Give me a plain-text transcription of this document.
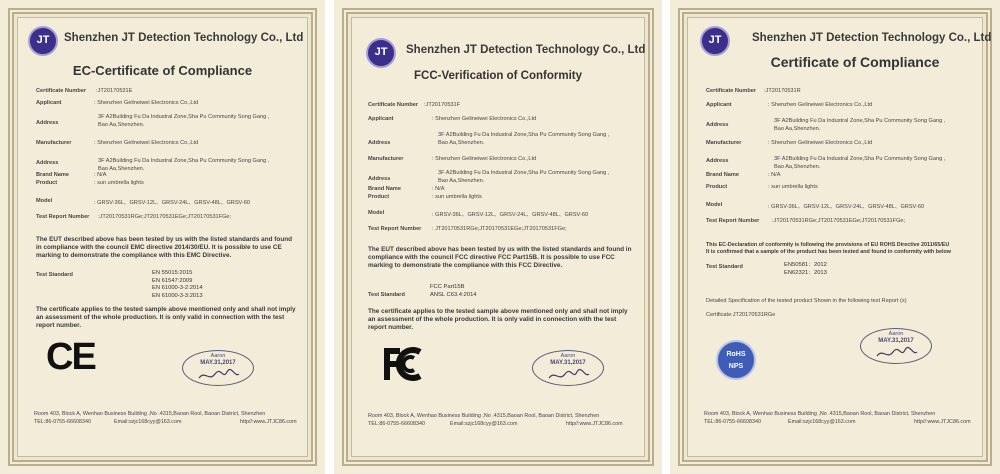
JT	Shenzhen JT Detection Technology Co., Ltd
EC-Certificate of Compliance
Certificate Number :JT20170531E
Applicant	: Shenzhen Gelineiwei Electronics Co.,Ltd
Address
3F A2Building Fu Da Industral Zone,Sha Pu Community Song Gang ,
Bao Aa,Shenzhen.
Manufacturer	: Shenzhen Gelineiwei Electronics Co.,Ltd
Address	3F A2Building Fu Da Industral Zone,Sha Pu Community Song Gang ,
Bao Aa,Shenzhen.
Brand Name	: N/A
Product	: sun umbrella lights
Model	: GRSV-36L、GRSV-12L、GRSV-24L、GRSV-48L、GRSV-60
Test Report Number :JT20170531RGe;JT20170531EGe;JT20170531FGe;
The EUT described above has been tested by us with the listed standards and found
in compliance with the council EMC directive 2014/30/EU. It is possible to use CE
marking to demonstrate the compliance with this EMC Directive.
Test Standard	EN 55015:2015
EN 61547:2009
EN 61000-3-2:2014
EN 61000-3-3:2013
The certificate applies to the tested sample above mentioned only and shall not imply
an assessment of the whole production. It is only valid in connection with the test
report number.
CE	Aaron
MAY.31,2017
Room 403, Block A, Wenhao Business Building ,No .4315,Baoan Rool, Baoan District, Shenzhen
TEL:86-0755-66608340	Email:szjc168cyy@163.com	http//:www.JTJC86.com
JT	Shenzhen JT Detection Technology Co., Ltd
FCC-Verification of Conformity
Certificate Number :JT20170531F
Applicant	: Shenzhen Gelineiwei Electronics Co.,Ltd
Address
3F A2Building Fu Da Industral Zone,Sha Pu Community Song Gang ,
Bao Aa,Shenzhen.
Manufacturer	: Shenzhen Gelineiwei Electronics Co.,Ltd
Address
3F A2Building Fu Da Industral Zone,Sha Pu Community Song Gang ,
Bao Aa,Shenzhen.
Brand Name	: N/A
Product	: sun umbrella lights
Model	: GRSV-36L、GRSV-12L、GRSV-24L、GRSV-48L、GRSV-60
Test Report Number : JT20170531RGe;JT20170531EGe;JT20170531FGe;
The EUT described above has been tested by us with the listed standards and found in
compliance with the council FCC directive FCC Part15B. It is possible to use FCC
marking to demonstrate the compliance with this FCC Directive.
Test Standard
FCC Part15B
ANSL C63.4:2014
The certificate applies to the tested sample above mentioned only and shall not imply
an assessment of the whole production. It is only valid in connection with the test
report number.
Aaron
MAY.31,2017
Room 403, Block A, Wenhao Business Building ,No .4315,Baoan Rool, Baoan District, Shenzhen
TEL:86-0755-66608340	Email:szjc168cyy@163.com	http//:www.JTJC86.com
JT	Shenzhen JT Detection Technology Co., Ltd
Certificate of Compliance
Certificate Number :JT20170531R
Applicant	: Shenzhen Gelineiwei Electronics Co.,Ltd
Address
3F A2Building Fu Da Industral Zone,Sha Pu Community Song Gang ,
Bao Aa,Shenzhen.
Manufacturer	: Shenzhen Gelineiwei Electronics Co.,Ltd
Address	3F A2Building Fu Da Industral Zone,Sha Pu Community Song Gang ,
Bao Aa,Shenzhen.
Brand Name	: N/A
Product	: sun umbrella lights
Model	: GRSV-36L、GRSV-12L、GRSV-24L、GRSV-48L、GRSV-60
Test Report Number :JT20170531RGe;JT20170531EGe;JT20170531FGe;
This EC-Declaration of conformity is following the provisions of EU ROHS Directive 2011/65/EU
It is confirmed that a sample of the product has been tested and found in conformity with below
Test Standard	EN50581：2012
EN62321：2013
Detailed Specification of the tested product Shown in the following test Report (s)
Certificate:JT20170531RGe
RoHS
NPS
Aaron
MAY.31,2017
Room 403, Block A, Wenhao Business Building ,No .4315,Baoan Rool, Baoan District, Shenzhen
TEL:86-0755-66608340	Email:szjc168cyy@163.com	http//:www.JTJC86.com
